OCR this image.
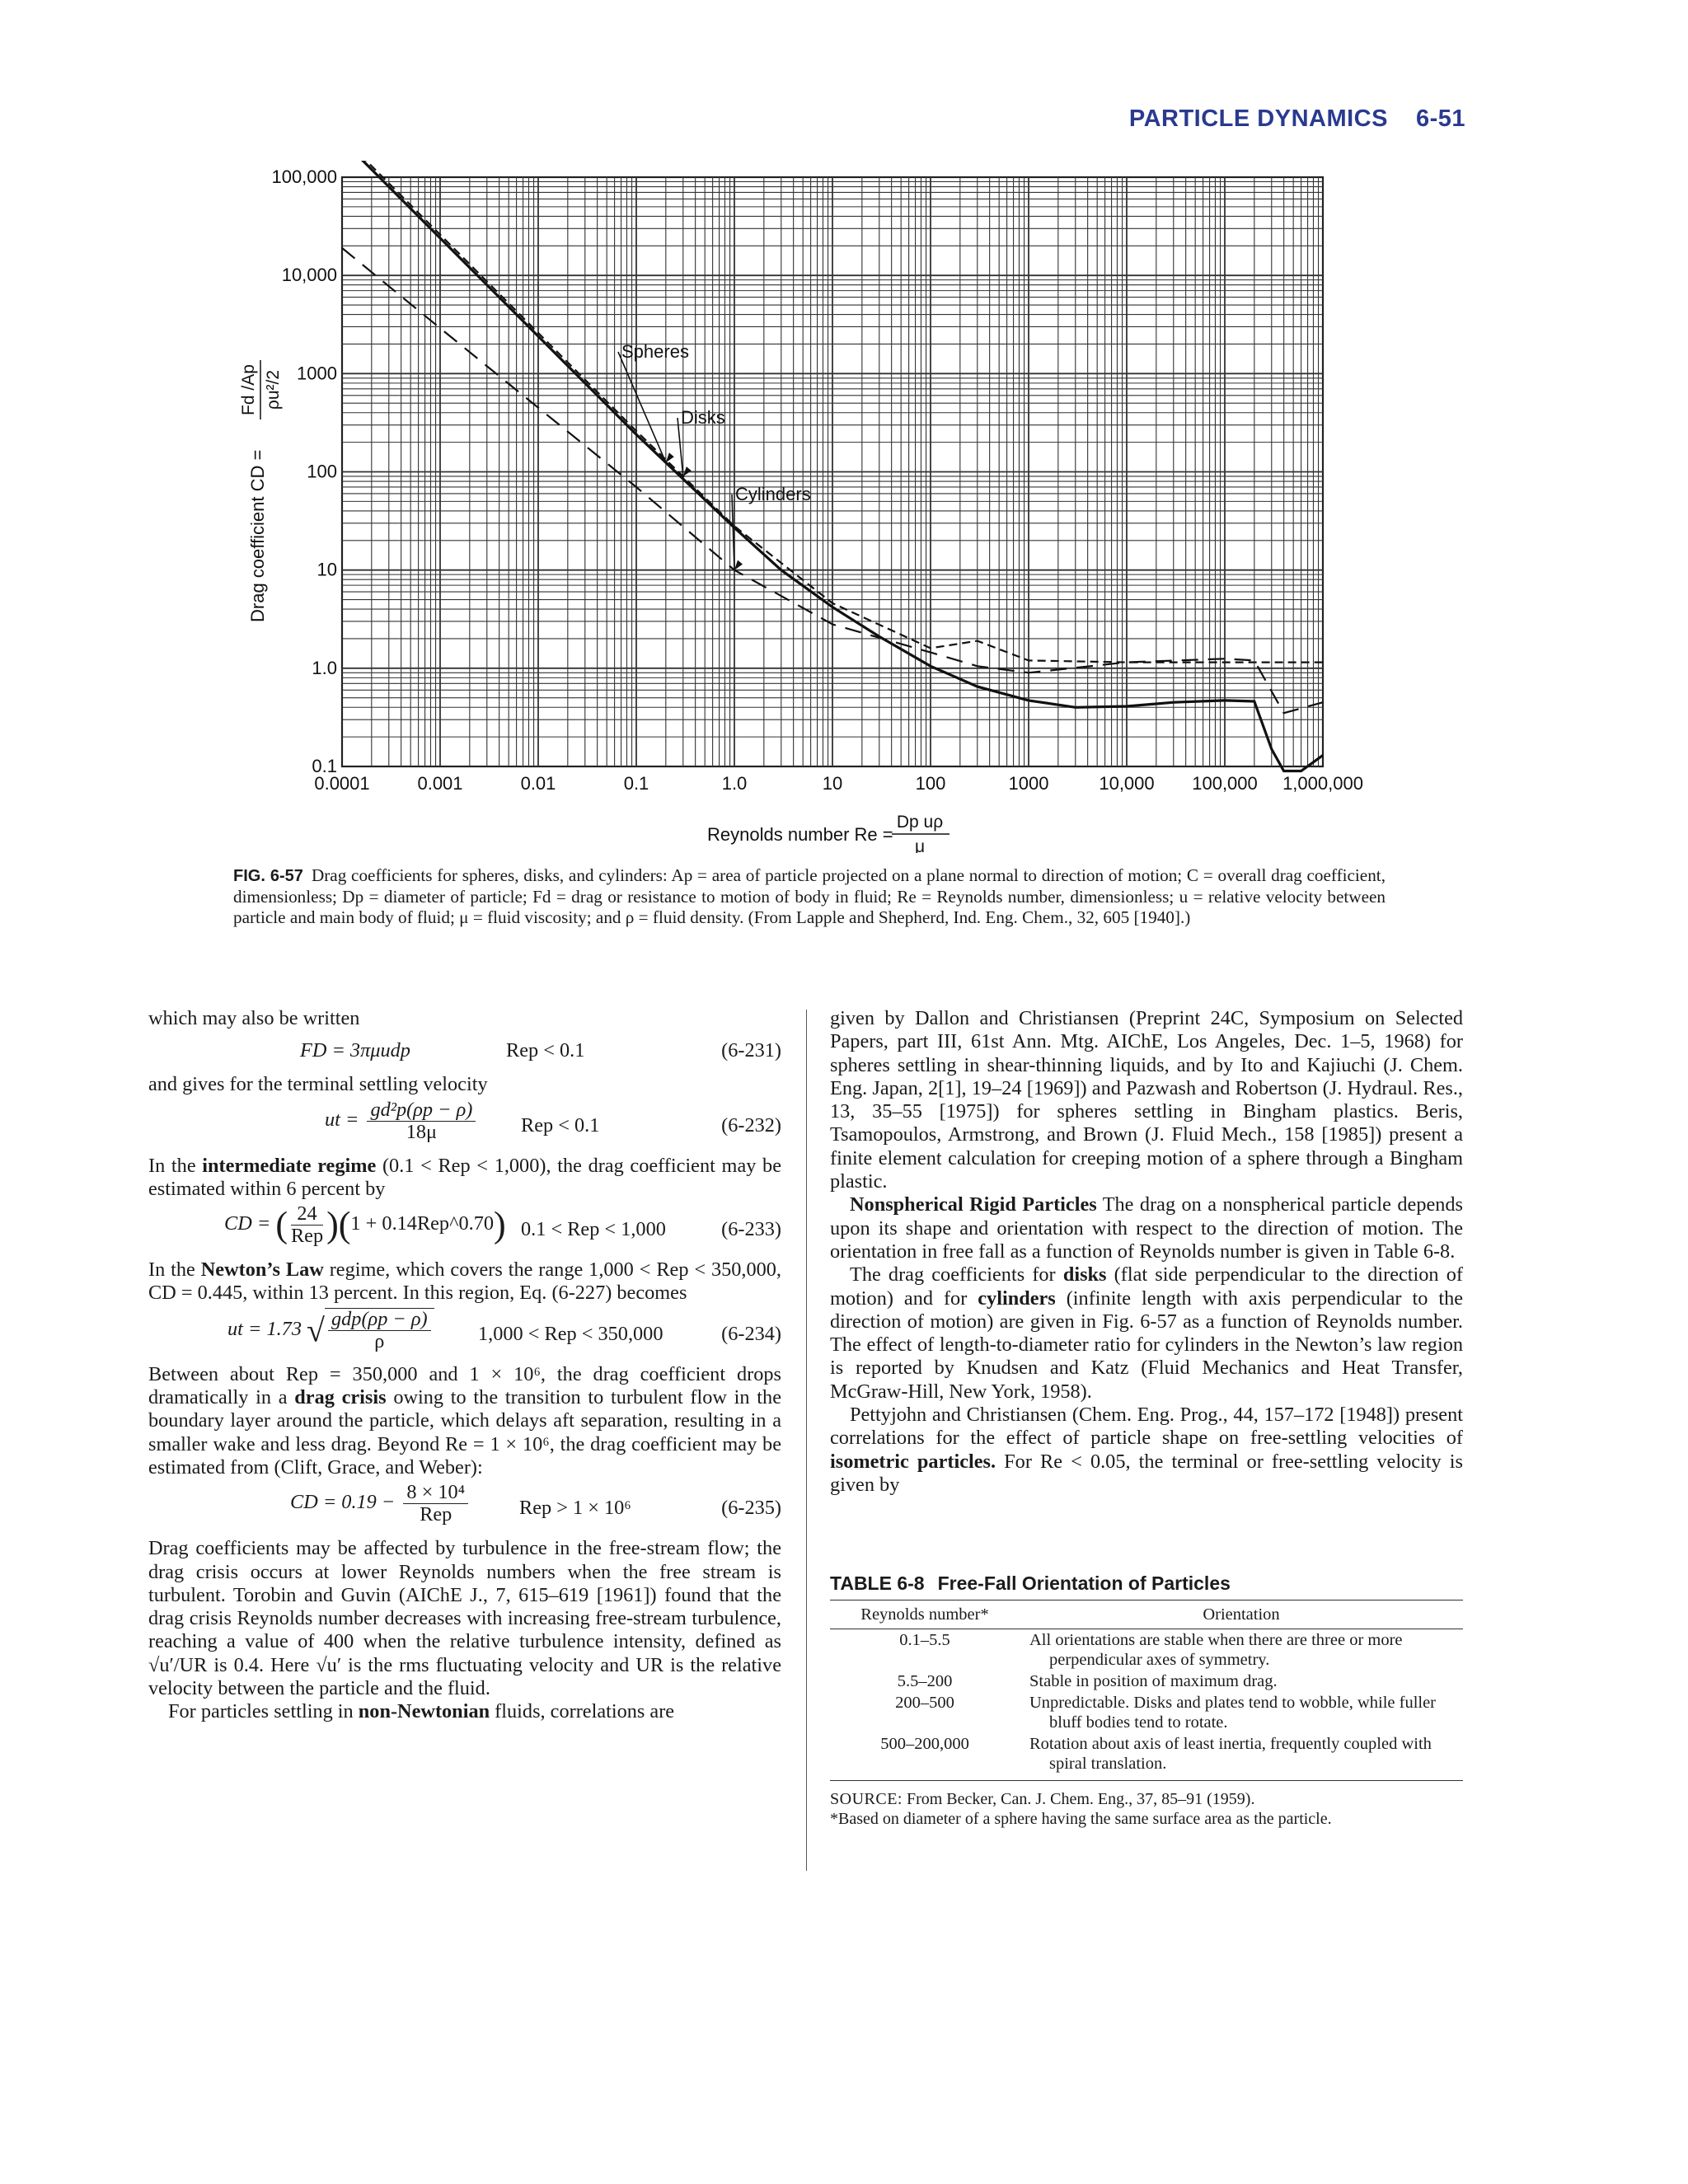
PARTICLE DYNAMICS 6-51
0.0001	0.001	0.01	0.1	1.0	10	100	1000	10,000 100,000 1,000,000
0.1
1.0
10
100
1000
10,000
100,000
Spheres
Disks
Cylinders
Reynolds number Re =
Dp uρ
μ
Drag coefficient CD =
Fd /Ap ρu²/2
FIG. 6-57 Drag coefficients for spheres, disks, and cylinders: Ap = area of particle projected on a plane normal to direction of motion; C = overall drag coefficient, dimensionless; Dp = diameter of particle; Fd = drag or resistance to motion of body in fluid; Re = Reynolds number, dimensionless; u = relative velocity between particle and main body of fluid; μ = fluid viscosity; and ρ = fluid density. (From Lapple and Shepherd, Ind. Eng. Chem., 32, 605 [1940].)

which may also be written

FD = 3πμudp	Rep < 0.1	(6-231)

and gives for the terminal settling velocity

ut = $\frac{\text{gd²p(ρp − ρ)}}{18\mu}$ Rep < 0.1	(6-232)

In the intermediate regime (0.1 < Rep < 1,000), the drag coefficient may be estimated within 6 percent by

CD = ( $\frac{24}{\text{Rep}} )(1$ + 0.14Rep^0.70) 0.1 < Rep < 1,000	(6-233)

In the Newton’s Law regime, which covers the range 1,000 < Rep < 350,000, CD = 0.445, within 13 percent. In this region, Eq. (6-227) becomes

ut = 1.73 √ $\frac{\text{gdp(ρp − ρ)}}{\rho} 1,000$ < Rep < 350,000	(6-234)

Between about Rep = 350,000 and 1 × 10⁶, the drag coefficient drops dramatically in a drag crisis owing to the transition to turbulent flow in the boundary layer around the particle, which delays aft separation, resulting in a smaller wake and less drag. Beyond Re = 1 × 10⁶, the drag coefficient may be estimated from (Clift, Grace, and Weber):

CD = $0.19 - \frac{\text{8 × 10⁴}}{\text{Rep}}$	Rep > 1 × 10⁶	(6-235)

Drag coefficients may be affected by turbulence in the free-stream flow; the drag crisis occurs at lower Reynolds numbers when the free stream is turbulent. Torobin and Guvin (AIChE J., 7, 615–619 [1961]) found that the drag crisis Reynolds number decreases with increasing free-stream turbulence, reaching a value of 400 when the relative turbulence intensity, defined as √u′/UR is 0.4. Here √u′ is the rms fluctuating velocity and UR is the relative velocity between the particle and the fluid.

For particles settling in non-Newtonian fluids, correlations are

given by Dallon and Christiansen (Preprint 24C, Symposium on Selected Papers, part III, 61st Ann. Mtg. AIChE, Los Angeles, Dec. 1–5, 1968) for spheres settling in shear-thinning liquids, and by Ito and Kajiuchi (J. Chem. Eng. Japan, 2[1], 19–24 [1969]) and Pazwash and Robertson (J. Hydraul. Res., 13, 35–55 [1975]) for spheres settling in Bingham plastics. Beris, Tsamopoulos, Armstrong, and Brown (J. Fluid Mech., 158 [1985]) present a finite element calculation for creeping motion of a sphere through a Bingham plastic.

Nonspherical Rigid Particles The drag on a nonspherical particle depends upon its shape and orientation with respect to the direction of motion. The orientation in free fall as a function of Reynolds number is given in Table 6-8.

The drag coefficients for disks (flat side perpendicular to the direction of motion) and for cylinders (infinite length with axis perpendicular to the direction of motion) are given in Fig. 6-57 as a function of Reynolds number. The effect of length-to-diameter ratio for cylinders in the Newton’s law region is reported by Knudsen and Katz (Fluid Mechanics and Heat Transfer, McGraw-Hill, New York, 1958).

Pettyjohn and Christiansen (Chem. Eng. Prog., 44, 157–172 [1948]) present correlations for the effect of particle shape on free-settling velocities of isometric particles. For Re < 0.05, the terminal or free-settling velocity is given by

TABLE 6-8 Free-Fall Orientation of Particles
Reynolds number*	Orientation
0.1–5.5	All orientations are stable when there are three or more perpendicular axes of symmetry.

5.5–200	Stable in position of maximum drag.

200–500	Unpredictable. Disks and plates tend to wobble, while fuller bluff bodies tend to rotate.

500–200,000	Rotation about axis of least inertia, frequently coupled with spiral translation.
SOURCE: From Becker, Can. J. Chem. Eng., 37, 85–91 (1959).
*Based on diameter of a sphere having the same surface area as the particle.
